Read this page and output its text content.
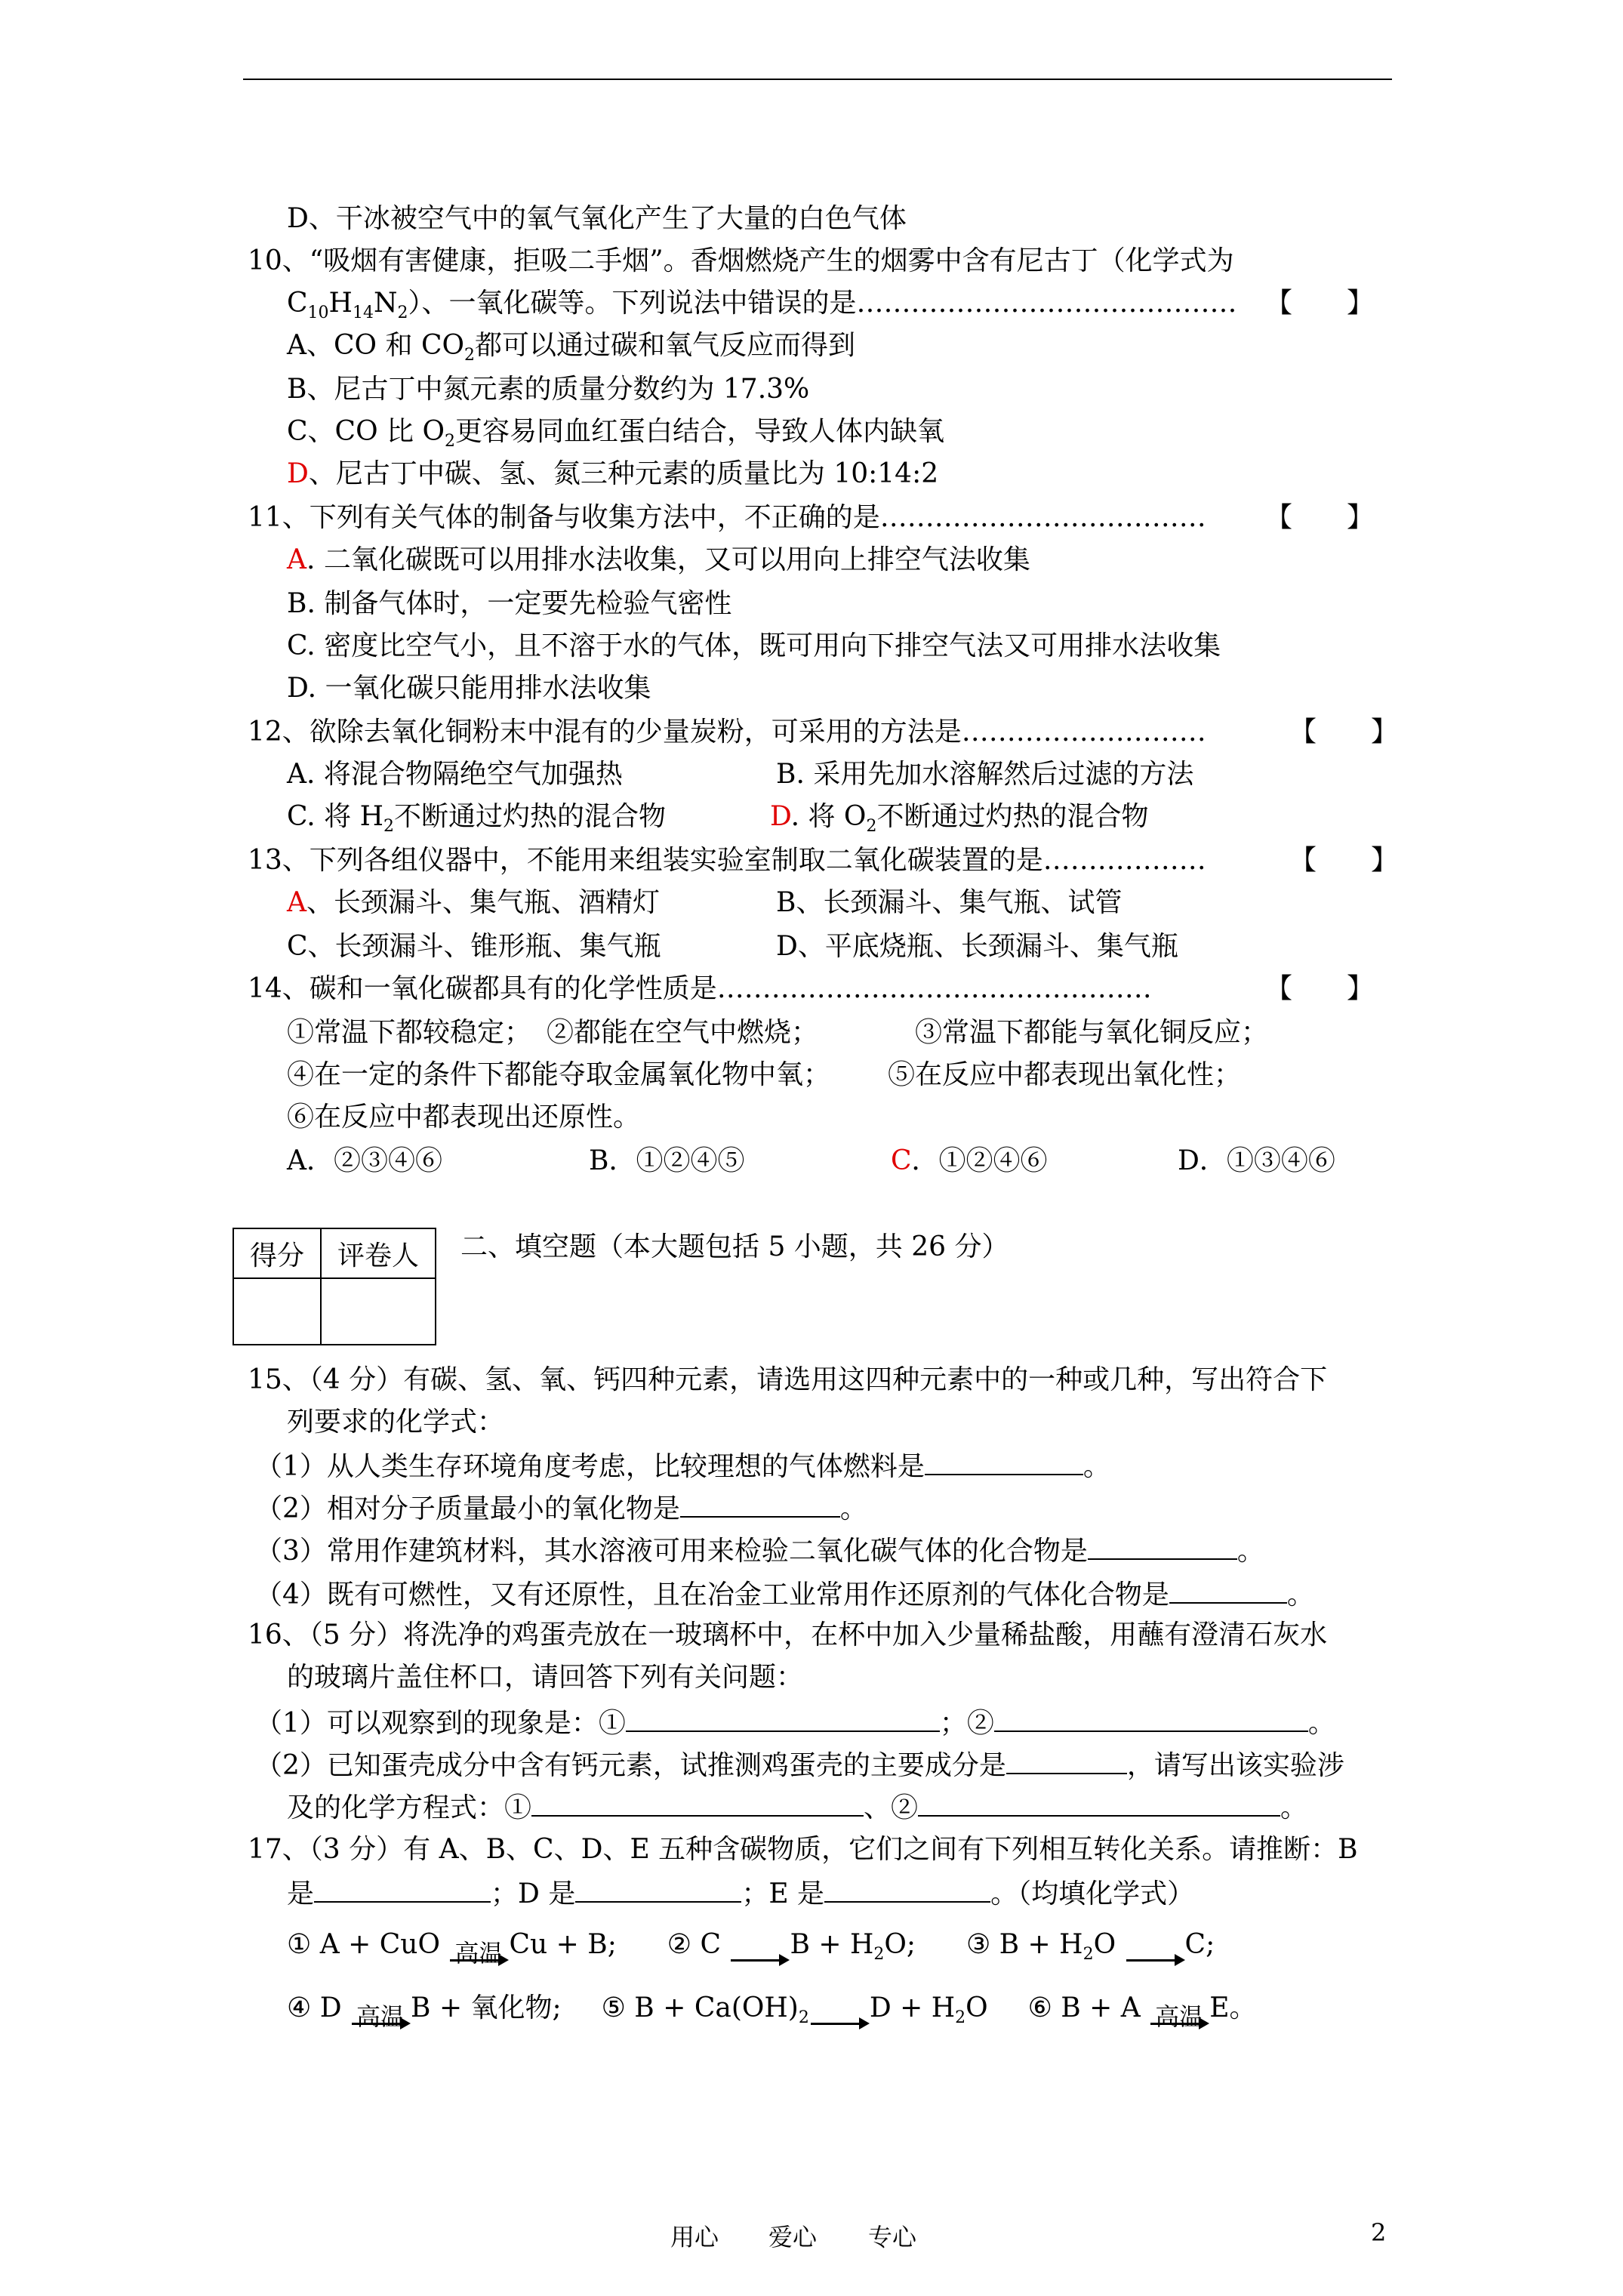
D、干冰被空气中的氧气氧化产生了大量的白色气体
10、“吸烟有害健康，拒吸二手烟”。香烟燃烧产生的烟雾中含有尼古丁（化学式为
$C_{10}H_{14}N_2$）、一氧化碳等。下列说法中错误的是…………………………………… 【　　】
A、CO 和 $CO_2$都可以通过碳和氧气反应而得到
B、尼古丁中氮元素的质量分数约为 17.3%
C、CO 比 $O_2$更容易同血红蛋白结合，导致人体内缺氧
D、尼古丁中碳、氢、氮三种元素的质量比为 10:14:2
11、下列有关气体的制备与收集方法中，不正确的是……………………………… 【　　】
A. 二氧化碳既可以用排水法收集，又可以用向上排空气法收集
B. 制备气体时，一定要先检验气密性
C. 密度比空气小，且不溶于水的气体，既可用向下排空气法又可用排水法收集
D. 一氧化碳只能用排水法收集
12、欲除去氧化铜粉末中混有的少量炭粉，可采用的方法是………………………	【　　】
A. 将混合物隔绝空气加强热	B. 采用先加水溶解然后过滤的方法
C. 将 $H_2$不断通过灼热的混合物	D. 将 $O_2$不断通过灼热的混合物
13、下列各组仪器中，不能用来组装实验室制取二氧化碳装置的是………………	【　　】
A、长颈漏斗、集气瓶、酒精灯	B、长颈漏斗、集气瓶、试管
C、长颈漏斗、锥形瓶、集气瓶	D、平底烧瓶、长颈漏斗、集气瓶
14、碳和一氧化碳都具有的化学性质是…………………………………………	【　　】
①常温下都较稳定； ②都能在空气中燃烧；	③常温下都能与氧化铜反应；
④在一定的条件下都能夺取金属氧化物中氧； ⑤在反应中都表现出氧化性；
⑥在反应中都表现出还原性。
A．②③④⑥	B．①②④⑤	C．①②④⑥	D．①③④⑥
得分	评卷人
	二、填空题（本大题包括 5 小题，共 26 分）
15、（4 分）有碳、氢、氧、钙四种元素，请选用这四种元素中的一种或几种，写出符合下
列要求的化学式：
（1）从人类生存环境角度考虑，比较理想的气体燃料是	。
（2）相对分子质量最小的氧化物是	。
（3）常用作建筑材料，其水溶液可用来检验二氧化碳气体的化合物是	。
（4）既有可燃性，又有还原性，且在冶金工业常用作还原剂的气体化合物是	。
16、（5 分）将洗净的鸡蛋壳放在一玻璃杯中，在杯中加入少量稀盐酸，用蘸有澄清石灰水
的玻璃片盖住杯口，请回答下列有关问题：
（1）可以观察到的现象是：①	；②	。
（2）已知蛋壳成分中含有钙元素，试推测鸡蛋壳的主要成分是	，请写出该实验涉
及的化学方程式：①	、②	。
17、（3 分）有 A、B、C、D、E 五种含碳物质，它们之间有下列相互转化关系。请推断：B
是	；D 是	；E 是	。（均填化学式）
① A + CuO 高温 Cu + B; ② C	$B + H_2O$; ③ $B + H_2O$	C;
④ D 高温 B + 氧化物; ⑤ $B + Ca(OH)_2$ $D + H_2O$ ⑥ B + A 高温 E。
用心 爱心 专心	2
